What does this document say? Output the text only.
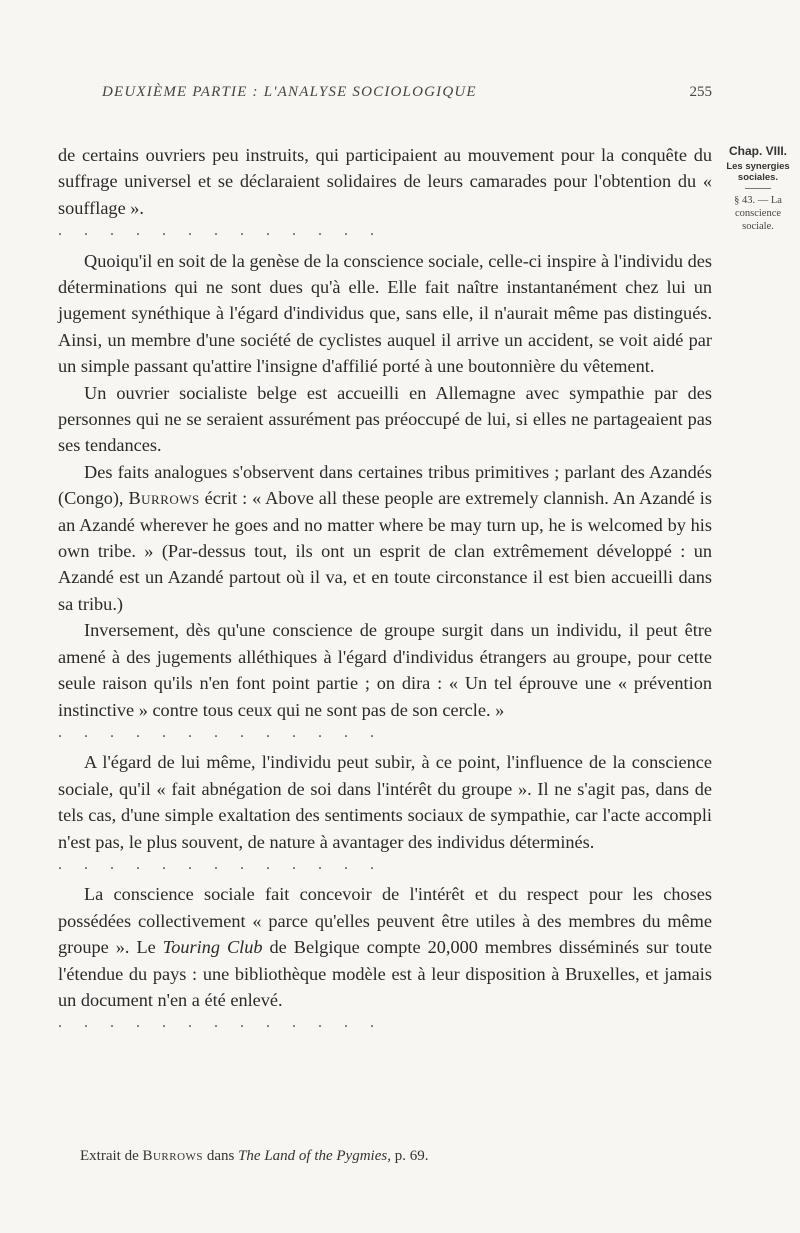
DEUXIÈME PARTIE : L'ANALYSE SOCIOLOGIQUE	255
Chap. VIII.
Les synergies sociales.
§ 43. — La conscience sociale.

de certains ouvriers peu instruits, qui participaient au mouvement pour la conquête du suffrage universel et se déclaraient solidaires de leurs camarades pour l'obtention du « soufflage ».

. . . . . . . . . . . . .

Quoiqu'il en soit de la genèse de la conscience sociale, celle-ci inspire à l'individu des déterminations qui ne sont dues qu'à elle. Elle fait naître instantanément chez lui un jugement synéthique à l'égard d'individus que, sans elle, il n'aurait même pas distingués. Ainsi, un membre d'une société de cyclistes auquel il arrive un accident, se voit aidé par un simple passant qu'attire l'insigne d'affilié porté à une boutonnière du vêtement.

Un ouvrier socialiste belge est accueilli en Allemagne avec sympathie par des personnes qui ne se seraient assurément pas préoccupé de lui, si elles ne partageaient pas ses tendances.

Des faits analogues s'observent dans certaines tribus primitives ; parlant des Azandés (Congo), Burrows écrit : « Above all these people are extremely clannish. An Azandé is an Azandé wherever he goes and no matter where be may turn up, he is welcomed by his own tribe. » (Par-dessus tout, ils ont un esprit de clan extrêmement développé : un Azandé est un Azandé partout où il va, et en toute circonstance il est bien accueilli dans sa tribu.)

Inversement, dès qu'une conscience de groupe surgit dans un individu, il peut être amené à des jugements alléthiques à l'égard d'individus étrangers au groupe, pour cette seule raison qu'ils n'en font point partie ; on dira : « Un tel éprouve une « prévention instinctive » contre tous ceux qui ne sont pas de son cercle. »

. . . . . . . . . . . . .

A l'égard de lui même, l'individu peut subir, à ce point, l'influence de la conscience sociale, qu'il « fait abnégation de soi dans l'intérêt du groupe ». Il ne s'agit pas, dans de tels cas, d'une simple exaltation des sentiments sociaux de sympathie, car l'acte accompli n'est pas, le plus souvent, de nature à avantager des individus déterminés.

. . . . . . . . . . . . .

La conscience sociale fait concevoir de l'intérêt et du respect pour les choses possédées collectivement « parce qu'elles peuvent être utiles à des membres du même groupe ». Le Touring Club de Belgique compte 20,000 membres disséminés sur toute l'étendue du pays : une bibliothèque modèle est à leur disposition à Bruxelles, et jamais un document n'en a été enlevé.

. . . . . . . . . . . . .
Extrait de Burrows dans The Land of the Pygmies, p. 69.
